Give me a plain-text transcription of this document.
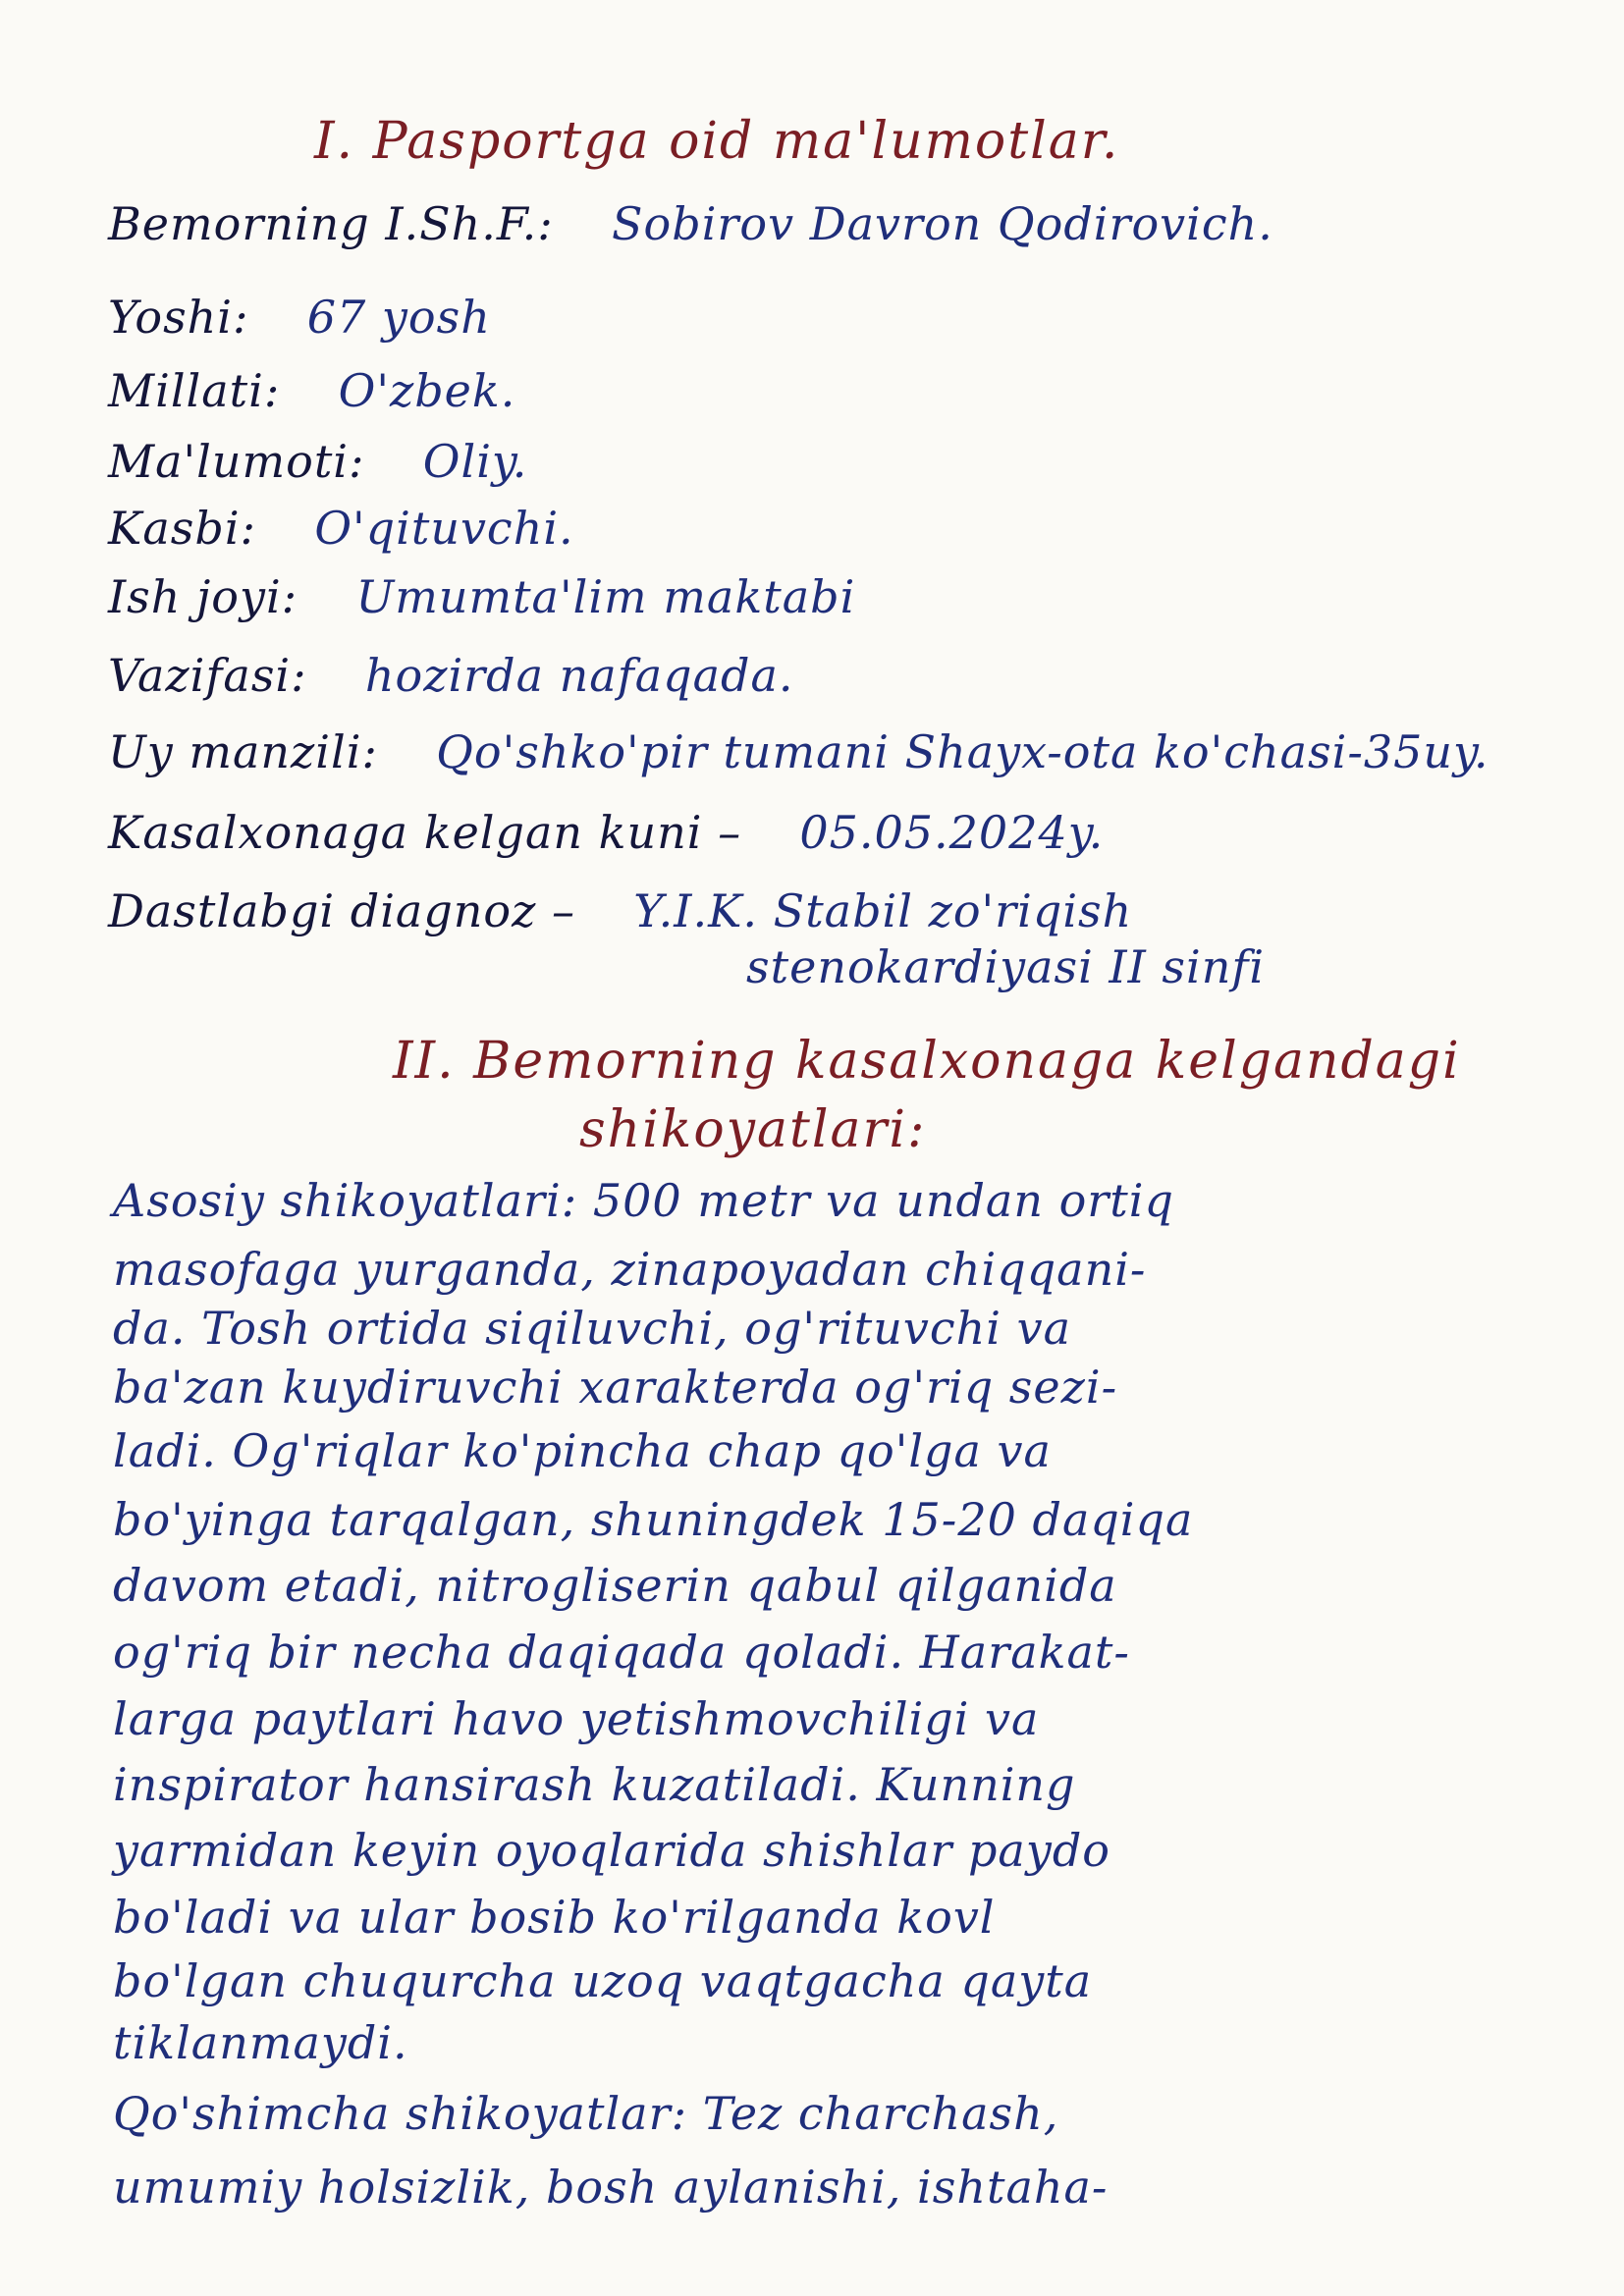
I. Pasportga oid ma'lumotlar.
Bemorning I.Sh.F.: Sobirov Davron Qodirovich.
Yoshi: 67 yosh
Millati: O'zbek.
Ma'lumoti: Oliy.
Kasbi: O'qituvchi.
Ish joyi: Umumta'lim maktabi
Vazifasi: hozirda nafaqada.
Uy manzili: Qo'shko'pir tumani Shayx-ota ko'chasi-35uy.
Kasalxonaga kelgan kuni – 05.05.2024y.
Dastlabgi diagnoz – Y.I.K. Stabil zo'riqish
stenokardiyasi II sinfi
II. Bemorning kasalxonaga kelgandagi
shikoyatlari:
Asosiy shikoyatlari: 500 metr va undan ortiq
masofaga yurganda, zinapoyadan chiqqani-
da. Tosh ortida siqiluvchi, og'rituvchi va
ba'zan kuydiruvchi xarakterda og'riq sezi-
ladi. Og'riqlar ko'pincha chap qo'lga va
bo'yinga tarqalgan, shuningdek 15-20 daqiqa
davom etadi, nitrogliserin qabul qilganida
og'riq bir necha daqiqada qoladi. Harakat-
larga paytlari havo yetishmovchiligi va
inspirator hansirash kuzatiladi. Kunning
yarmidan keyin oyoqlarida shishlar paydo
bo'ladi va ular bosib ko'rilganda kovl
bo'lgan chuqurcha uzoq vaqtgacha qayta
tiklanmaydi.
Qo'shimcha shikoyatlar: Tez charchash,
umumiy holsizlik, bosh aylanishi, ishtaha-
